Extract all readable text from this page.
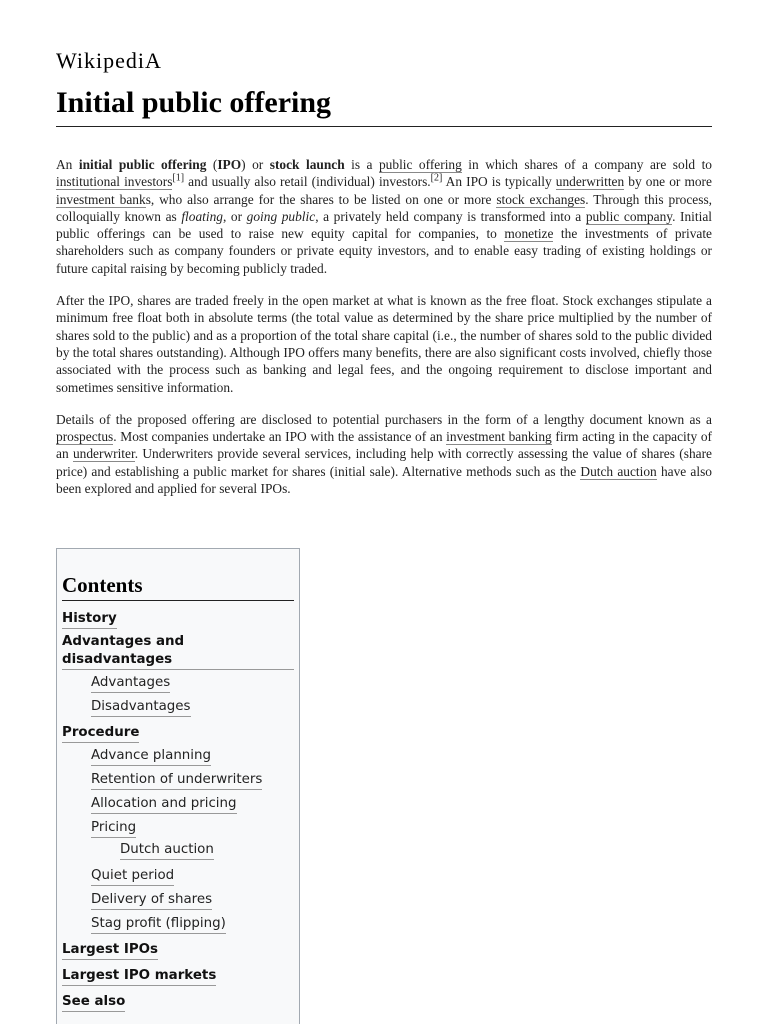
WikipediA
Initial public offering

An initial public offering (IPO) or stock launch is a public offering in which shares of a company are sold to institutional investors[1] and usually also retail (individual) investors.[2] An IPO is typically underwritten by one or more investment banks, who also arrange for the shares to be listed on one or more stock exchanges. Through this process, colloquially known as floating, or going public, a privately held company is transformed into a public company. Initial public offerings can be used to raise new equity capital for companies, to monetize the investments of private shareholders such as company founders or private equity investors, and to enable easy trading of existing holdings or future capital raising by becoming publicly traded.

After the IPO, shares are traded freely in the open market at what is known as the free float. Stock exchanges stipulate a minimum free float both in absolute terms (the total value as determined by the share price multiplied by the number of shares sold to the public) and as a proportion of the total share capital (i.e., the number of shares sold to the public divided by the total shares outstanding). Although IPO offers many benefits, there are also significant costs involved, chiefly those associated with the process such as banking and legal fees, and the ongoing requirement to disclose important and sometimes sensitive information.

Details of the proposed offering are disclosed to potential purchasers in the form of a lengthy document known as a prospectus. Most companies undertake an IPO with the assistance of an investment banking firm acting in the capacity of an underwriter. Underwriters provide several services, including help with correctly assessing the value of shares (share price) and establishing a public market for shares (initial sale). Alternative methods such as the Dutch auction have also been explored and applied for several IPOs.

Contents
History
Advantages and disadvantages
Advantages
Disadvantages
Procedure
Advance planning
Retention of underwriters
Allocation and pricing
Pricing
Dutch auction
Quiet period
Delivery of shares
Stag profit (flipping)
Largest IPOs
Largest IPO markets
See also
